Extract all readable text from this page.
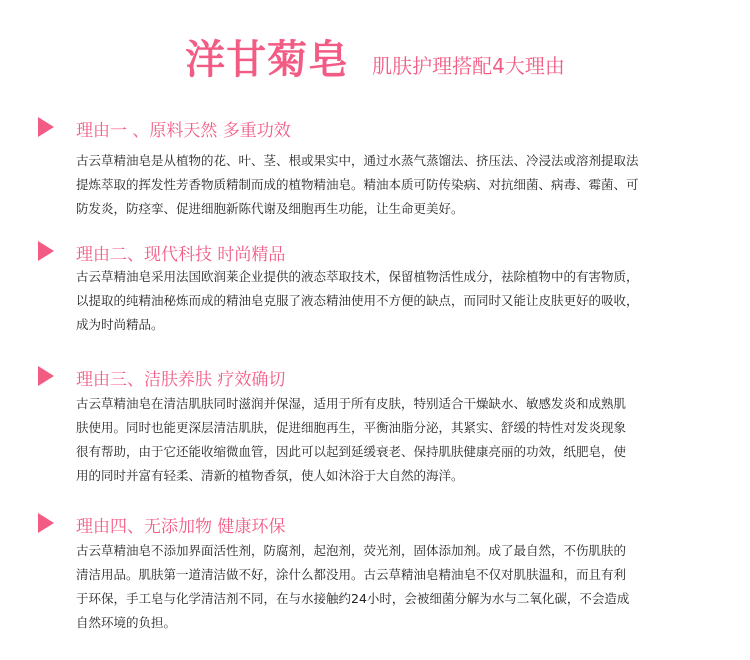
洋甘菊皂 肌肤护理搭配4大理由
理由一 、原料天然 多重功效
古云草精油皂是从植物的花、叶、茎、根或果实中，通过水蒸气蒸馏法、挤压法、冷浸法或溶剂提取法
提炼萃取的挥发性芳香物质精制而成的植物精油皂。精油本质可防传染病、对抗细菌、病毒、霉菌、可
防发炎，防痉挛、促进细胞新陈代谢及细胞再生功能，让生命更美好。
理由二、现代科技 时尚精品
古云草精油皂采用法国欧润莱企业提供的液态萃取技术，保留植物活性成分，祛除植物中的有害物质，
以提取的纯精油秘炼而成的精油皂克服了液态精油使用不方便的缺点，而同时又能让皮肤更好的吸收，
成为时尚精品。
理由三、洁肤养肤 疗效确切
古云草精油皂在清洁肌肤同时滋润并保湿，适用于所有皮肤，特别适合干燥缺水、敏感发炎和成熟肌
肤使用。同时也能更深层清洁肌肤，促进细胞再生，平衡油脂分泌，其紧实、舒缓的特性对发炎现象
很有帮助，由于它还能收缩微血管，因此可以起到延缓衰老、保持肌肤健康亮丽的功效，纸肥皂，使
用的同时并富有轻柔、清新的植物香氛，使人如沐浴于大自然的海洋。
理由四、无添加物 健康环保
古云草精油皂不添加界面活性剂，防腐剂，起泡剂，荧光剂，固体添加剂。成了最自然，不伤肌肤的
清洁用品。肌肤第一道清洁做不好，涂什么都没用。古云草精油皂精油皂不仅对肌肤温和，而且有利
于环保，手工皂与化学清洁剂不同，在与水接触约24小时，会被细菌分解为水与二氧化碳，不会造成
自然环境的负担。
